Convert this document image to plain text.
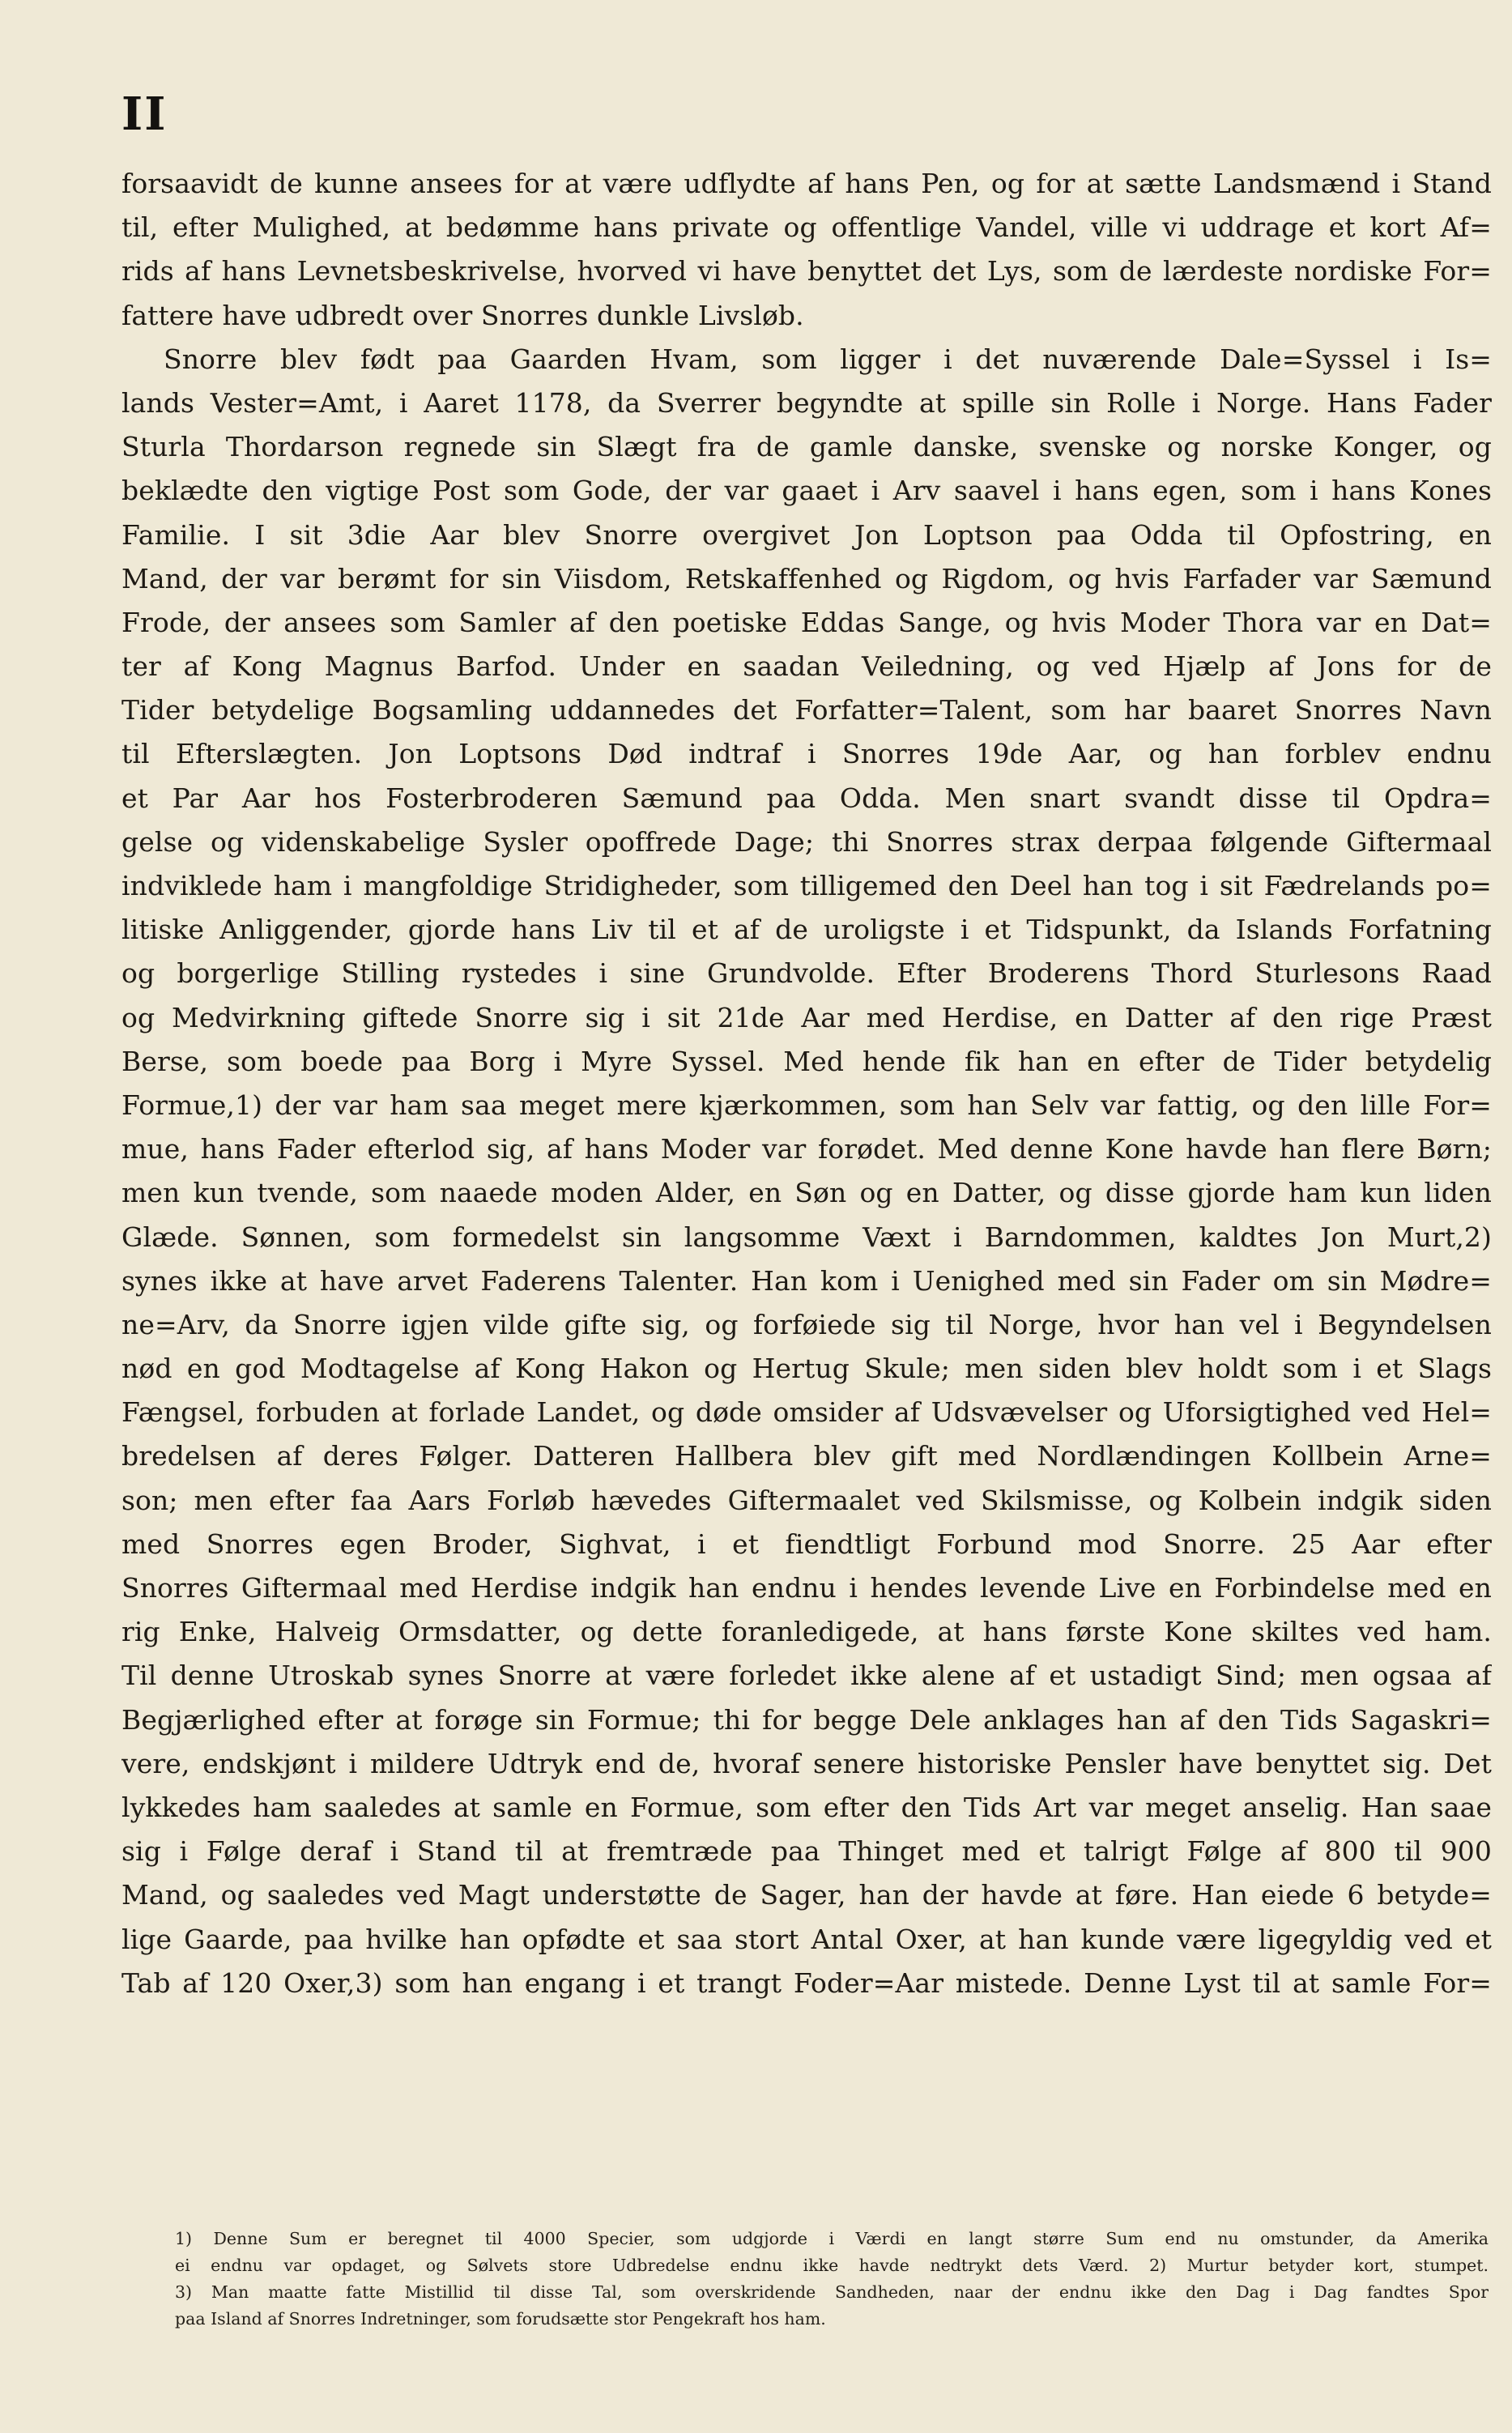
II
forsaavidt de kunne ansees for at være udflydte af hans Pen, og for at sætte Landsmænd i Stand
til, efter Mulighed, at bedømme hans private og offentlige Vandel, ville vi uddrage et kort Af=
rids af hans Levnetsbeskrivelse, hvorved vi have benyttet det Lys, som de lærdeste nordiske For=
fattere have udbredt over Snorres dunkle Livsløb.
Snorre blev født paa Gaarden Hvam, som ligger i det nuværende Dale=Syssel i Is=
lands Vester=Amt, i Aaret 1178, da Sverrer begyndte at spille sin Rolle i Norge. Hans Fader
Sturla Thordarson regnede sin Slægt fra de gamle danske, svenske og norske Konger, og
beklædte den vigtige Post som Gode, der var gaaet i Arv saavel i hans egen, som i hans Kones
Familie. I sit 3die Aar blev Snorre overgivet Jon Loptson paa Odda til Opfostring, en
Mand, der var berømt for sin Viisdom, Retskaffenhed og Rigdom, og hvis Farfader var Sæmund
Frode, der ansees som Samler af den poetiske Eddas Sange, og hvis Moder Thora var en Dat=
ter af Kong Magnus Barfod. Under en saadan Veiledning, og ved Hjælp af Jons for de
Tider betydelige Bogsamling uddannedes det Forfatter=Talent, som har baaret Snorres Navn
til Efterslægten. Jon Loptsons Død indtraf i Snorres 19de Aar, og han forblev endnu
et Par Aar hos Fosterbroderen Sæmund paa Odda. Men snart svandt disse til Opdra=
gelse og videnskabelige Sysler opoffrede Dage; thi Snorres strax derpaa følgende Giftermaal
indviklede ham i mangfoldige Stridigheder, som tilligemed den Deel han tog i sit Fædrelands po=
litiske Anliggender, gjorde hans Liv til et af de uroligste i et Tidspunkt, da Islands Forfatning
og borgerlige Stilling rystedes i sine Grundvolde. Efter Broderens Thord Sturlesons Raad
og Medvirkning giftede Snorre sig i sit 21de Aar med Herdise, en Datter af den rige Præst
Berse, som boede paa Borg i Myre Syssel. Med hende fik han en efter de Tider betydelig
Formue,1) der var ham saa meget mere kjærkommen, som han Selv var fattig, og den lille For=
mue, hans Fader efterlod sig, af hans Moder var forødet. Med denne Kone havde han flere Børn;
men kun tvende, som naaede moden Alder, en Søn og en Datter, og disse gjorde ham kun liden
Glæde. Sønnen, som formedelst sin langsomme Væxt i Barndommen, kaldtes Jon Murt,2)
synes ikke at have arvet Faderens Talenter. Han kom i Uenighed med sin Fader om sin Mødre=
ne=Arv, da Snorre igjen vilde gifte sig, og forføiede sig til Norge, hvor han vel i Begyndelsen
nød en god Modtagelse af Kong Hakon og Hertug Skule; men siden blev holdt som i et Slags
Fængsel, forbuden at forlade Landet, og døde omsider af Udsvævelser og Uforsigtighed ved Hel=
bredelsen af deres Følger. Datteren Hallbera blev gift med Nordlændingen Kollbein Arne=
son; men efter faa Aars Forløb hævedes Giftermaalet ved Skilsmisse, og Kolbein indgik siden
med Snorres egen Broder, Sighvat, i et fiendtligt Forbund mod Snorre. 25 Aar efter
Snorres Giftermaal med Herdise indgik han endnu i hendes levende Live en Forbindelse med en
rig Enke, Halveig Ormsdatter, og dette foranledigede, at hans første Kone skiltes ved ham.
Til denne Utroskab synes Snorre at være forledet ikke alene af et ustadigt Sind; men ogsaa af
Begjærlighed efter at forøge sin Formue; thi for begge Dele anklages han af den Tids Sagaskri=
vere, endskjønt i mildere Udtryk end de, hvoraf senere historiske Pensler have benyttet sig. Det
lykkedes ham saaledes at samle en Formue, som efter den Tids Art var meget anselig. Han saae
sig i Følge deraf i Stand til at fremtræde paa Thinget med et talrigt Følge af 800 til 900
Mand, og saaledes ved Magt understøtte de Sager, han der havde at føre. Han eiede 6 betyde=
lige Gaarde, paa hvilke han opfødte et saa stort Antal Oxer, at han kunde være ligegyldig ved et
Tab af 120 Oxer,3) som han engang i et trangt Foder=Aar mistede. Denne Lyst til at samle For=
1) Denne Sum er beregnet til 4000 Specier, som udgjorde i Værdi en langt større Sum end nu omstunder, da Amerika
ei endnu var opdaget, og Sølvets store Udbredelse endnu ikke havde nedtrykt dets Værd. 2) Murtur betyder kort, stumpet.
3) Man maatte fatte Mistillid til disse Tal, som overskridende Sandheden, naar der endnu ikke den Dag i Dag fandtes Spor
paa Island af Snorres Indretninger, som forudsætte stor Pengekraft hos ham.
